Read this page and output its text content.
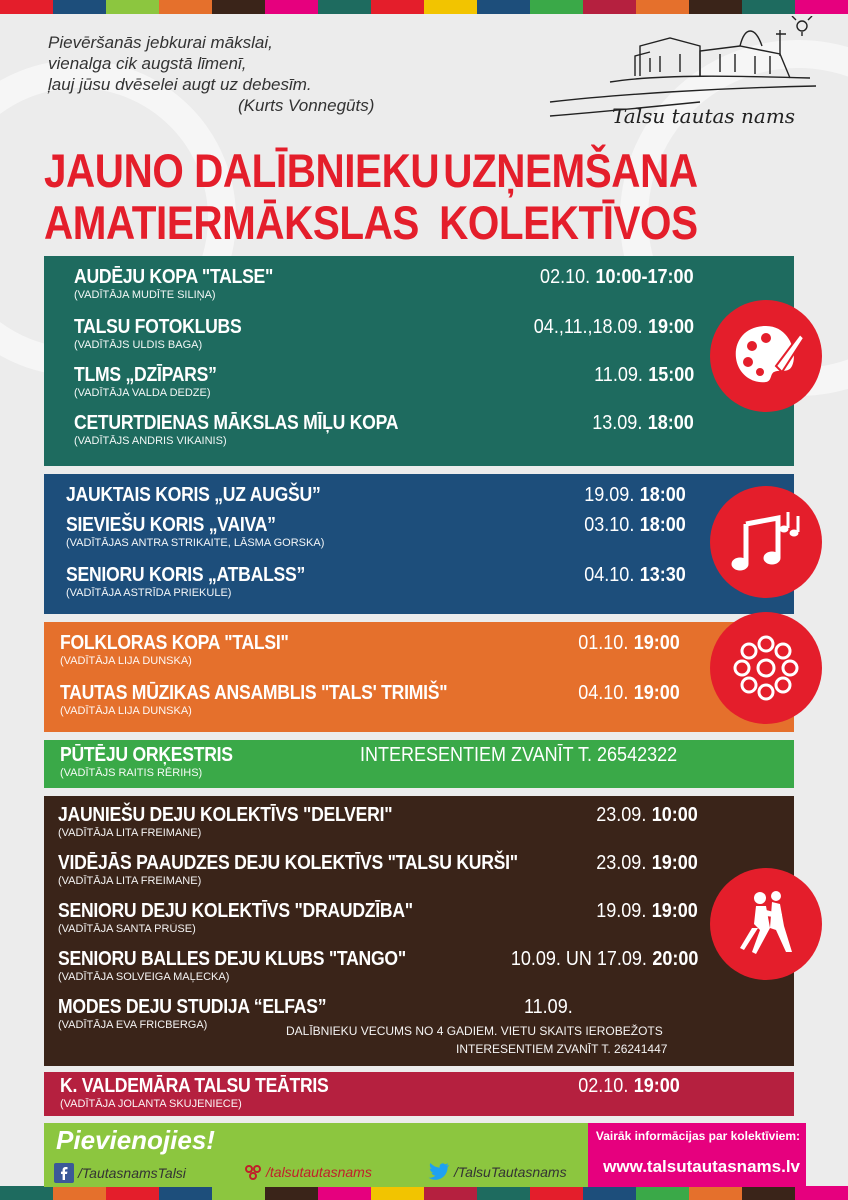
Pievēršanās jebkurai mākslai,
vienalga cik augstā līmenī,
ļauj jūsu dvēselei augt uz debesīm.
(Kurts Vonnegūts)	Talsu tautas nams
JAUNO DALĪBNIEKU UZŅEMŠANA
AMATIERMĀKSLAS KOLEKTĪVOS
AUDĒJU KOPA "TALSE"
(VADĪTĀJA MUDĪTE SILIŅA)
02.10. 10:00-17:00
TALSU FOTOKLUBS
(VADĪTĀJS ULDIS BAGA)
04.,11.,18.09. 19:00
TLMS „DZĪPARS”
(VADĪTĀJA VALDA DEDZE)
11.09. 15:00
CETURTDIENAS MĀKSLAS MĪĻU KOPA
(VADĪTĀJS ANDRIS VIKAINIS)
13.09. 18:00
JAUKTAIS KORIS „UZ AUGŠU”	19.09. 18:00
SIEVIEŠU KORIS „VAIVA”
(VADĪTĀJAS ANTRA STRIKAITE, LĀSMA GORSKA)
03.10. 18:00
SENIORU KORIS „ATBALSS”
(VADĪTĀJA ASTRĪDA PRIEKULE)
04.10. 13:30
FOLKLORAS KOPA "TALSI"
(VADĪTĀJA LIJA DUNSKA)
01.10. 19:00
TAUTAS MŪZIKAS ANSAMBLIS "TALS' TRIMIŠ"
(VADĪTĀJA LIJA DUNSKA)
04.10. 19:00
PŪTĒJU ORĶESTRIS
(VADĪTĀJS RAITIS RĒRIHS)
INTERESENTIEM ZVANĪT T. 26542322
JAUNIEŠU DEJU KOLEKTĪVS "DELVERI"
(VADĪTĀJA LITA FREIMANE)
23.09. 10:00
VIDĒJĀS PAAUDZES DEJU KOLEKTĪVS "TALSU KURŠI"
(VADĪTĀJA LITA FREIMANE)
23.09. 19:00
SENIORU DEJU KOLEKTĪVS "DRAUDZĪBA"
(VADĪTĀJA SANTA PRŪSE)
19.09. 19:00
SENIORU BALLES DEJU KLUBS "TANGO"
(VADĪTĀJA SOLVEIGA MAĻECKA)
10.09. UN 17.09. 20:00
MODES DEJU STUDIJA “ELFAS”
(VADĪTĀJA EVA FRICBERGA)
11.09.
DALĪBNIEKU VECUMS NO 4 GADIEM. VIETU SKAITS IEROBEŽOTS
INTERESENTIEM ZVANĪT T. 26241447
K. VALDEMĀRA TALSU TEĀTRIS
(VADĪTĀJA JOLANTA SKUJENIECE)
02.10. 19:00
Pievienojies!
/TautasnamsTalsi	/talsutautasnams	/TalsuTautasnams
Vairāk informācijas par kolektīviem:
www.talsutautasnams.lv
